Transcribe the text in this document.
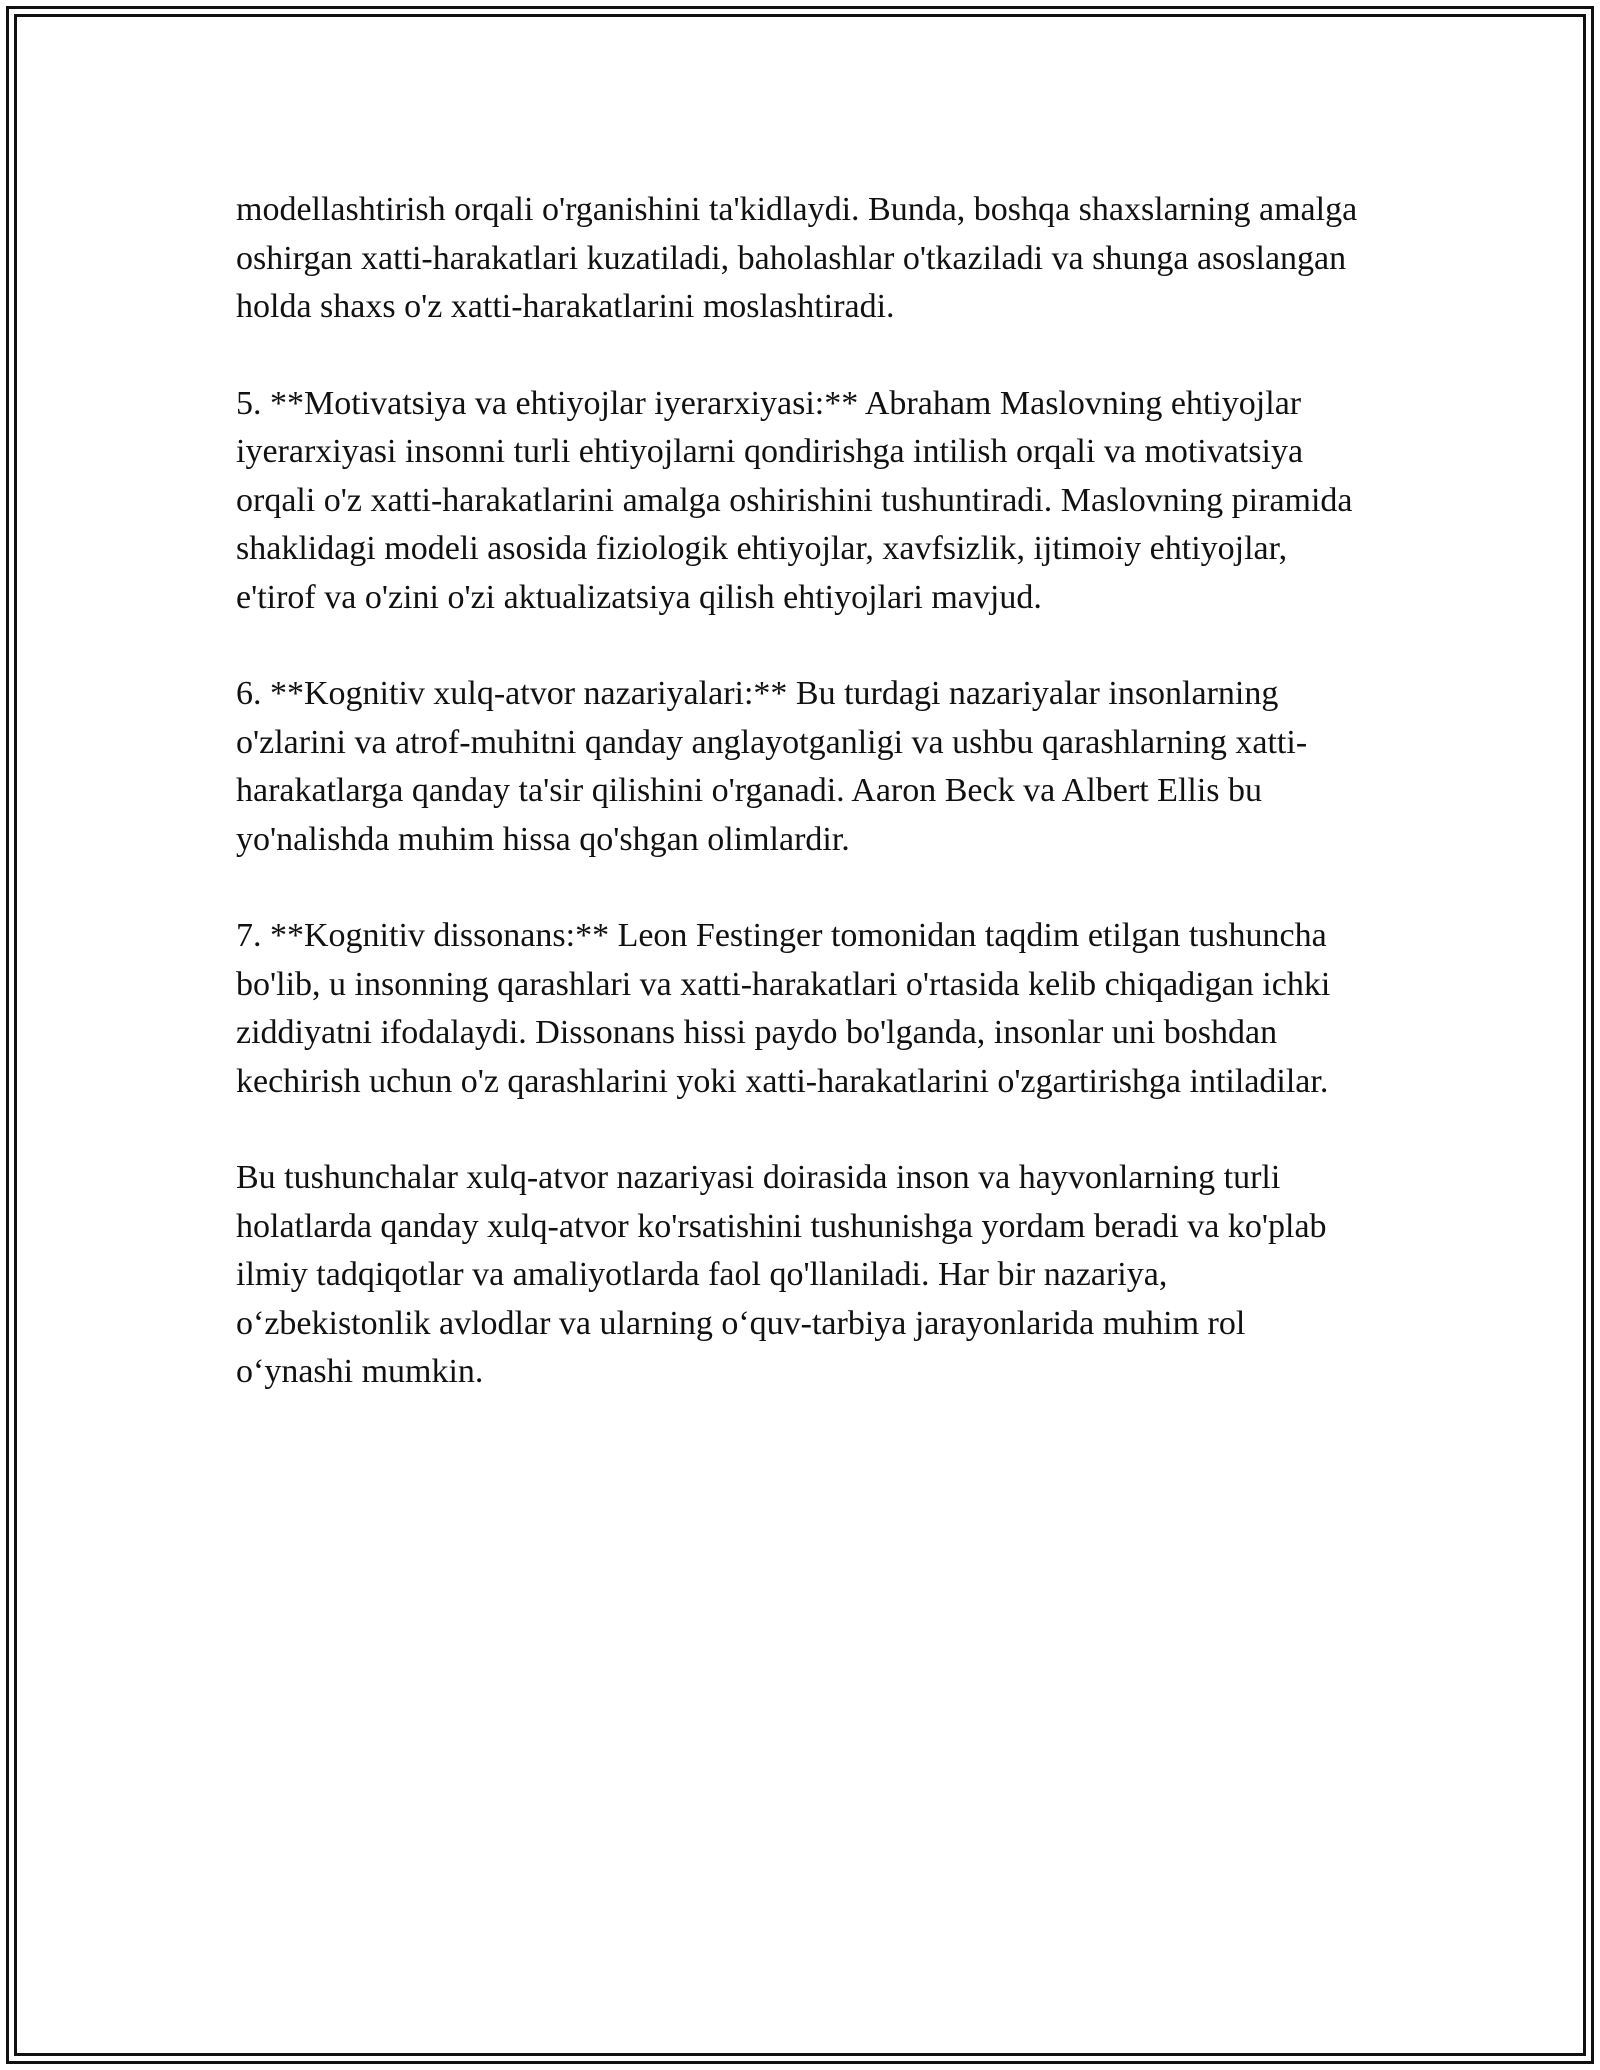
modellashtirish orqali o'rganishini ta'kidlaydi. Bunda, boshqa shaxslarning amalga oshirgan xatti-harakatlari kuzatiladi, baholashlar o'tkaziladi va shunga asoslangan holda shaxs o'z xatti-harakatlarini moslashtiradi.

5. **Motivatsiya va ehtiyojlar iyerarxiyasi:** Abraham Maslovning ehtiyojlar iyerarxiyasi insonni turli ehtiyojlarni qondirishga intilish orqali va motivatsiya orqali o'z xatti-harakatlarini amalga oshirishini tushuntiradi. Maslovning piramida shaklidagi modeli asosida fiziologik ehtiyojlar, xavfsizlik, ijtimoiy ehtiyojlar, e'tirof va o'zini o'zi aktualizatsiya qilish ehtiyojlari mavjud.

6. **Kognitiv xulq-atvor nazariyalari:** Bu turdagi nazariyalar insonlarning o'zlarini va atrof-muhitni qanday anglayotganligi va ushbu qarashlarning xatti-harakatlarga qanday ta'sir qilishini o'rganadi. Aaron Beck va Albert Ellis bu yo'nalishda muhim hissa qo'shgan olimlardir.

7. **Kognitiv dissonans:** Leon Festinger tomonidan taqdim etilgan tushuncha bo'lib, u insonning qarashlari va xatti-harakatlari o'rtasida kelib chiqadigan ichki ziddiyatni ifodalaydi. Dissonans hissi paydo bo'lganda, insonlar uni boshdan kechirish uchun o'z qarashlarini yoki xatti-harakatlarini o'zgartirishga intiladilar.

Bu tushunchalar xulq-atvor nazariyasi doirasida inson va hayvonlarning turli holatlarda qanday xulq-atvor ko'rsatishini tushunishga yordam beradi va ko'plab ilmiy tadqiqotlar va amaliyotlarda faol qo'llaniladi. Har bir nazariya, o‘zbekistonlik avlodlar va ularning o‘quv-tarbiya jarayonlarida muhim rol o‘ynashi mumkin.
